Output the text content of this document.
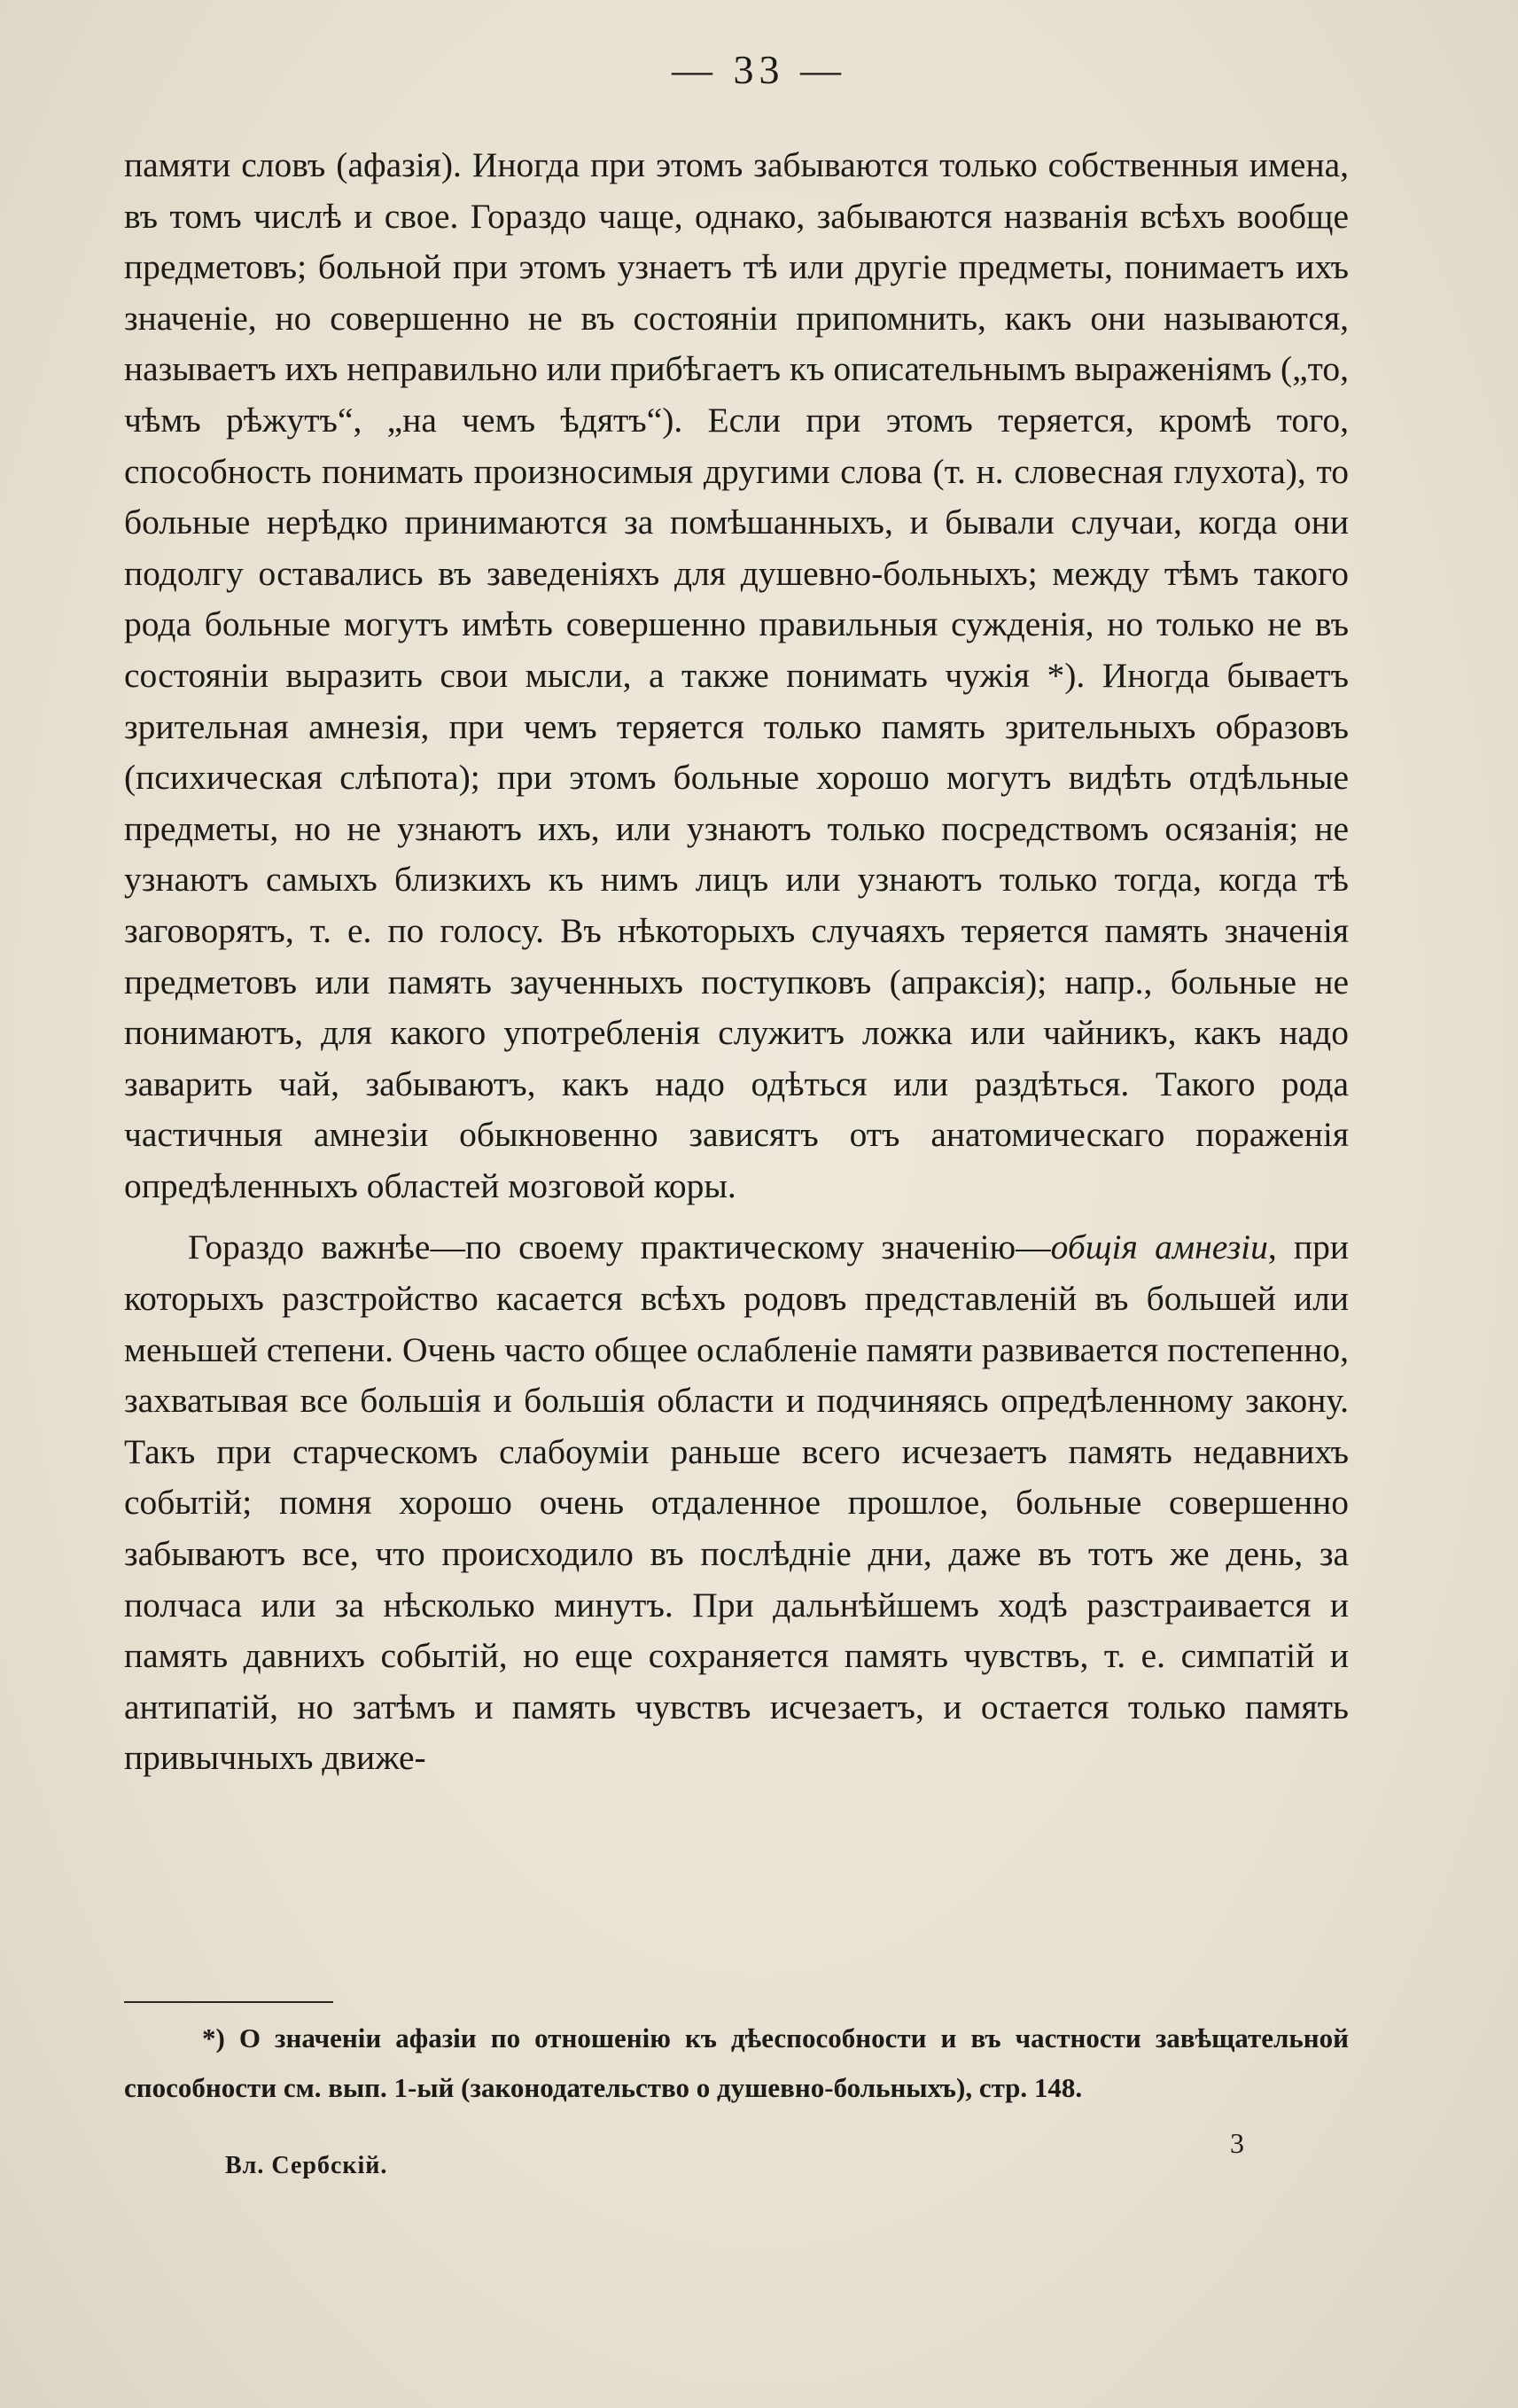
— 33 —

памяти словъ (афазія). Иногда при этомъ забываются только собственныя имена, въ томъ числѣ и свое. Гораздо чаще, однако, забываются названія всѣхъ вообще предметовъ; больной при этомъ узнаетъ тѣ или другіе предметы, понимаетъ ихъ значеніе, но совершенно не въ состояніи припомнить, какъ они называются, называетъ ихъ неправильно или прибѣгаетъ къ описательнымъ выраженіямъ („то, чѣмъ рѣжутъ“, „на чемъ ѣдятъ“). Если при этомъ теряется, кромѣ того, способность понимать произносимыя другими слова (т. н. словесная глухота), то больные нерѣдко принимаются за помѣшанныхъ, и бывали случаи, когда они подолгу оставались въ заведеніяхъ для душевно-больныхъ; между тѣмъ такого рода больные могутъ имѣть совершенно правильныя сужденія, но только не въ состояніи выразить свои мысли, а также понимать чужія *). Иногда бываетъ зрительная амнезія, при чемъ теряется только память зрительныхъ образовъ (психическая слѣпота); при этомъ больные хорошо могутъ видѣть отдѣльные предметы, но не узнаютъ ихъ, или узнаютъ только посредствомъ осязанія; не узнаютъ самыхъ близкихъ къ нимъ лицъ или узнаютъ только тогда, когда тѣ заговорятъ, т. е. по голосу. Въ нѣкоторыхъ случаяхъ теряется память значенія предметовъ или память заученныхъ поступковъ (апраксія); напр., больные не понимаютъ, для какого употребленія служитъ ложка или чайникъ, какъ надо заварить чай, забываютъ, какъ надо одѣться или раздѣться. Такого рода частичныя амнезіи обыкновенно зависятъ отъ анатомическаго пораженія опредѣленныхъ областей мозговой коры.

Гораздо важнѣе—по своему практическому значенію—общія амнезіи, при которыхъ разстройство касается всѣхъ родовъ представленій въ большей или меньшей степени. Очень часто общее ослабленіе памяти развивается постепенно, захватывая все большія и большія области и подчиняясь опредѣленному закону. Такъ при старческомъ слабоуміи раньше всего исчезаетъ память недавнихъ событій; помня хорошо очень отдаленное прошлое, больные совершенно забываютъ все, что происходило въ послѣдніе дни, даже въ тотъ же день, за полчаса или за нѣсколько минутъ. При дальнѣйшемъ ходѣ разстраивается и память давнихъ событій, но еще сохраняется память чувствъ, т. е. симпатій и антипатій, но затѣмъ и память чувствъ исчезаетъ, и остается только память привычныхъ движе-

*) О значеніи афазіи по отношенію къ дѣеспособности и въ частности завѣщательной способности см. вып. 1-ый (законодательство о душевно-больныхъ), стр. 148.
Вл. Сербскій.
3
